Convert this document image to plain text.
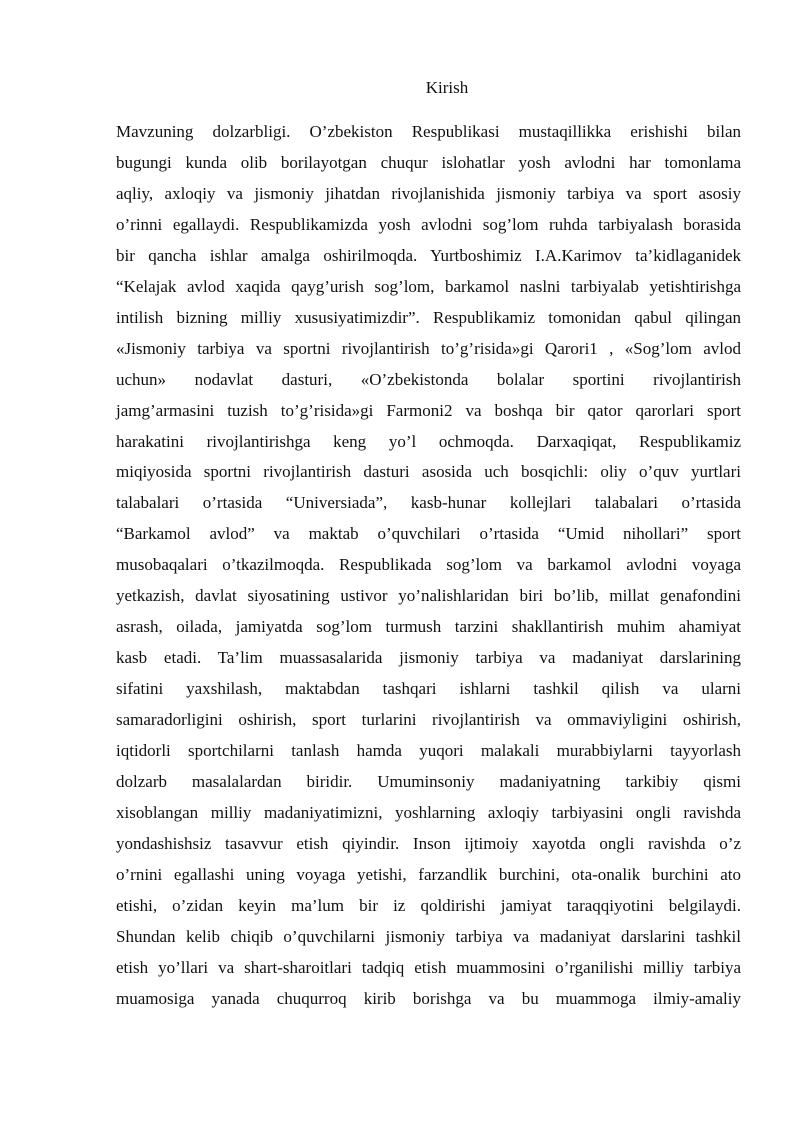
Kirish
Mavzuning dolzarbligi. O’zbekiston Respublikasi mustaqillikka erishishi bilan
bugungi kunda olib borilayotgan chuqur islohatlar yosh avlodni har tomonlama
aqliy, axloqiy va jismoniy jihatdan rivojlanishida jismoniy tarbiya va sport asosiy
o’rinni egallaydi. Respublikamizda yosh avlodni sog’lom ruhda tarbiyalash borasida
bir qancha ishlar amalga oshirilmoqda. Yurtboshimiz I.A.Karimov ta’kidlaganidek
“Kelajak avlod xaqida qayg’urish sog’lom, barkamol naslni tarbiyalab yetishtirishga
intilish bizning milliy xususiyatimizdir”. Respublikamiz tomonidan qabul qilingan
«Jismoniy tarbiya va sportni rivojlantirish to’g’risida»gi Qarori1 , «Sog’lom avlod
uchun» nodavlat dasturi, «O’zbekistonda bolalar sportini rivojlantirish
jamg’armasini tuzish to’g’risida»gi Farmoni2 va boshqa bir qator qarorlari sport
harakatini rivojlantirishga keng yo’l ochmoqda. Darxaqiqat, Respublikamiz
miqiyosida sportni rivojlantirish dasturi asosida uch bosqichli: oliy o’quv yurtlari
talabalari o’rtasida “Universiada”, kasb-hunar kollejlari talabalari o’rtasida
“Barkamol avlod” va maktab o’quvchilari o’rtasida “Umid nihollari” sport
musobaqalari o’tkazilmoqda. Respublikada sog’lom va barkamol avlodni voyaga
yetkazish, davlat siyosatining ustivor yo’nalishlaridan biri bo’lib, millat genafondini
asrash, oilada, jamiyatda sog’lom turmush tarzini shakllantirish muhim ahamiyat
kasb etadi. Ta’lim muassasalarida jismoniy tarbiya va madaniyat darslarining
sifatini yaxshilash, maktabdan tashqari ishlarni tashkil qilish va ularni
samaradorligini oshirish, sport turlarini rivojlantirish va ommaviyligini oshirish,
iqtidorli sportchilarni tanlash hamda yuqori malakali murabbiylarni tayyorlash
dolzarb masalalardan biridir. Umuminsoniy madaniyatning tarkibiy qismi
xisoblangan milliy madaniyatimizni, yoshlarning axloqiy tarbiyasini ongli ravishda
yondashishsiz tasavvur etish qiyindir. Inson ijtimoiy xayotda ongli ravishda o’z
o’rnini egallashi uning voyaga yetishi, farzandlik burchini, ota-onalik burchini ato
etishi, o’zidan keyin ma’lum bir iz qoldirishi jamiyat taraqqiyotini belgilaydi.
Shundan kelib chiqib o’quvchilarni jismoniy tarbiya va madaniyat darslarini tashkil
etish yo’llari va shart-sharoitlari tadqiq etish muammosini o’rganilishi milliy tarbiya
muamosiga yanada chuqurroq kirib borishga va bu muammoga ilmiy-amaliy
